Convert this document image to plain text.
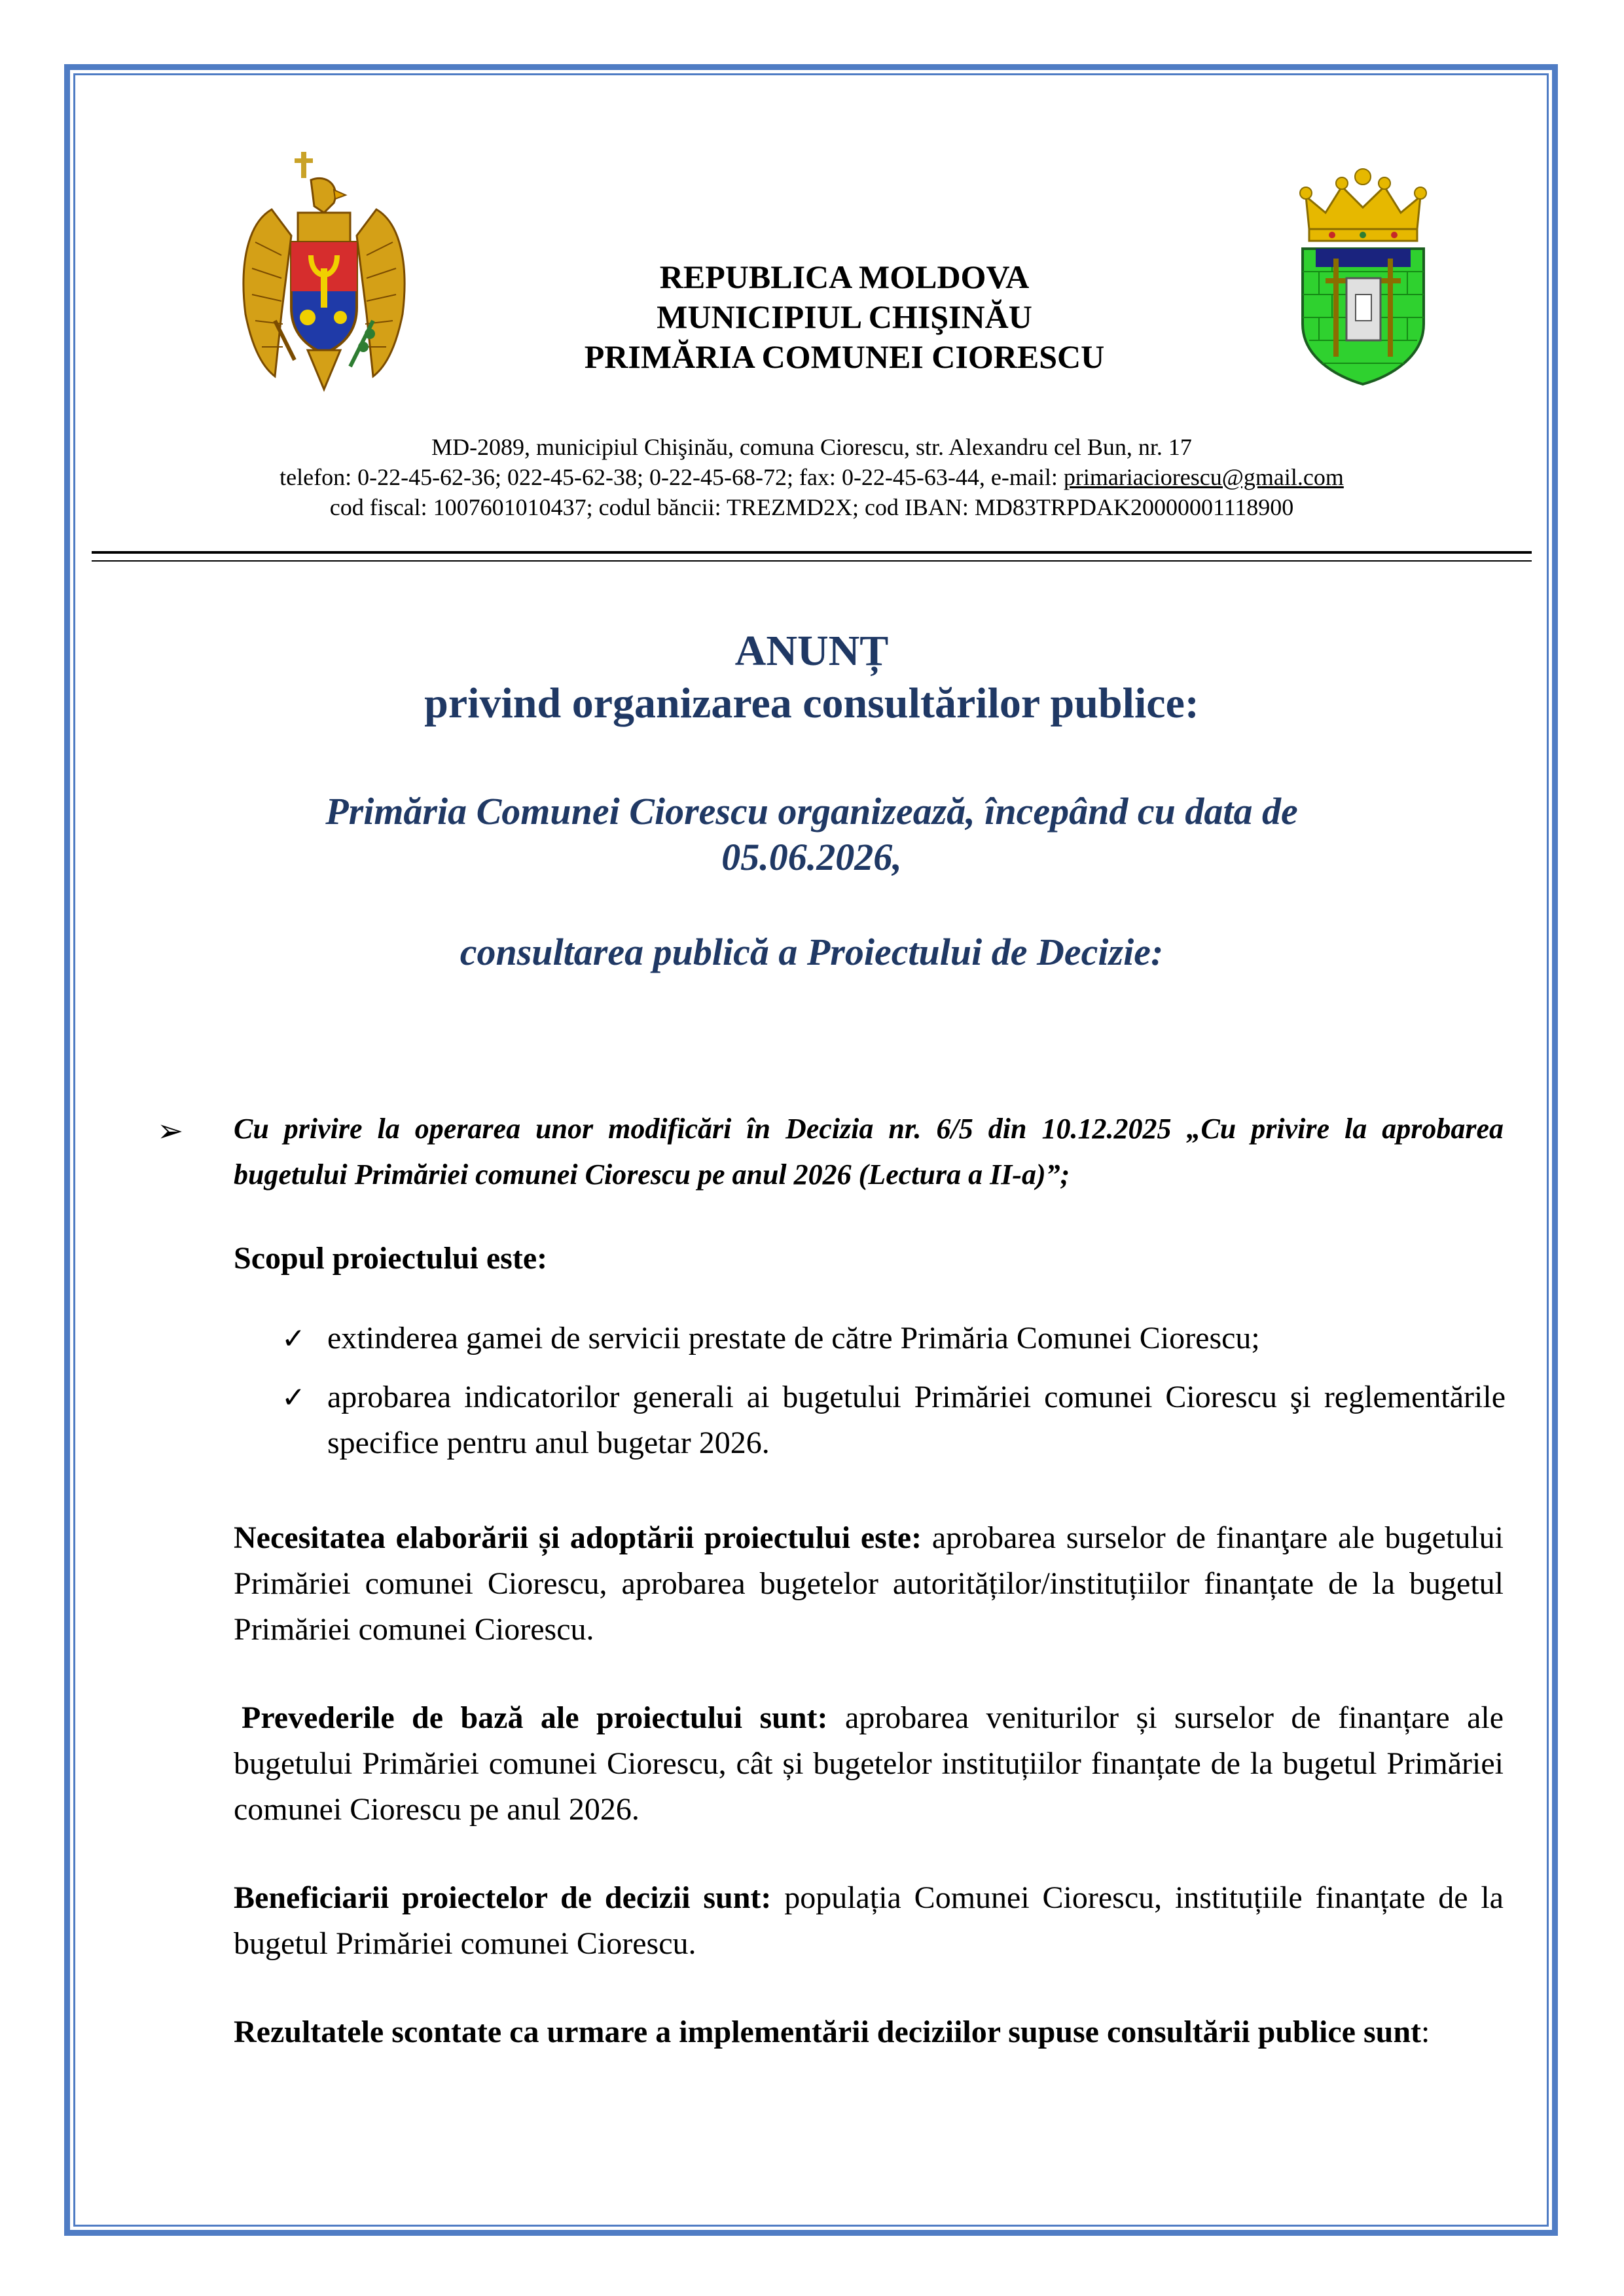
REPUBLICA MOLDOVA
MUNICIPIUL CHIŞINĂU
PRIMĂRIA COMUNEI CIORESCU
MD-2089, municipiul Chişinău, comuna Ciorescu, str. Alexandru cel Bun, nr. 17
telefon: 0-22-45-62-36; 022-45-62-38; 0-22-45-68-72; fax: 0-22-45-63-44, e-mail: primariaciorescu@gmail.com
cod fiscal: 1007601010437; codul băncii: TREZMD2X; cod IBAN: MD83TRPDAK20000001118900
ANUNȚ
privind organizarea consultărilor publice:
Primăria Comunei Ciorescu organizează, începând cu data de
05.06.2026,
consultarea publică a Proiectului de Decizie:
➢ Cu privire la operarea unor modificări în Decizia nr. 6/5 din 10.12.2025 „Cu privire la aprobarea bugetului Primăriei comunei Ciorescu pe anul 2026 (Lectura a II-a)”;
Scopul proiectului este:
✓ extinderea gamei de servicii prestate de către Primăria Comunei Ciorescu;
✓ aprobarea indicatorilor generali ai bugetului Primăriei comunei Ciorescu şi reglementările specifice pentru anul bugetar 2026.
Necesitatea elaborării și adoptării proiectului este: aprobarea surselor de finanţare ale bugetului Primăriei comunei Ciorescu, aprobarea bugetelor autorităților/instituțiilor finanțate de la bugetul Primăriei comunei Ciorescu.
Prevederile de bază ale proiectului sunt: aprobarea veniturilor și surselor de finanțare ale bugetului Primăriei comunei Ciorescu, cât și bugetelor instituțiilor finanțate de la bugetul Primăriei comunei Ciorescu pe anul 2026.
Beneficiarii proiectelor de decizii sunt: populația Comunei Ciorescu, instituțiile finanțate de la bugetul Primăriei comunei Ciorescu.
Rezultatele scontate ca urmare a implementării deciziilor supuse consultării publice sunt:
